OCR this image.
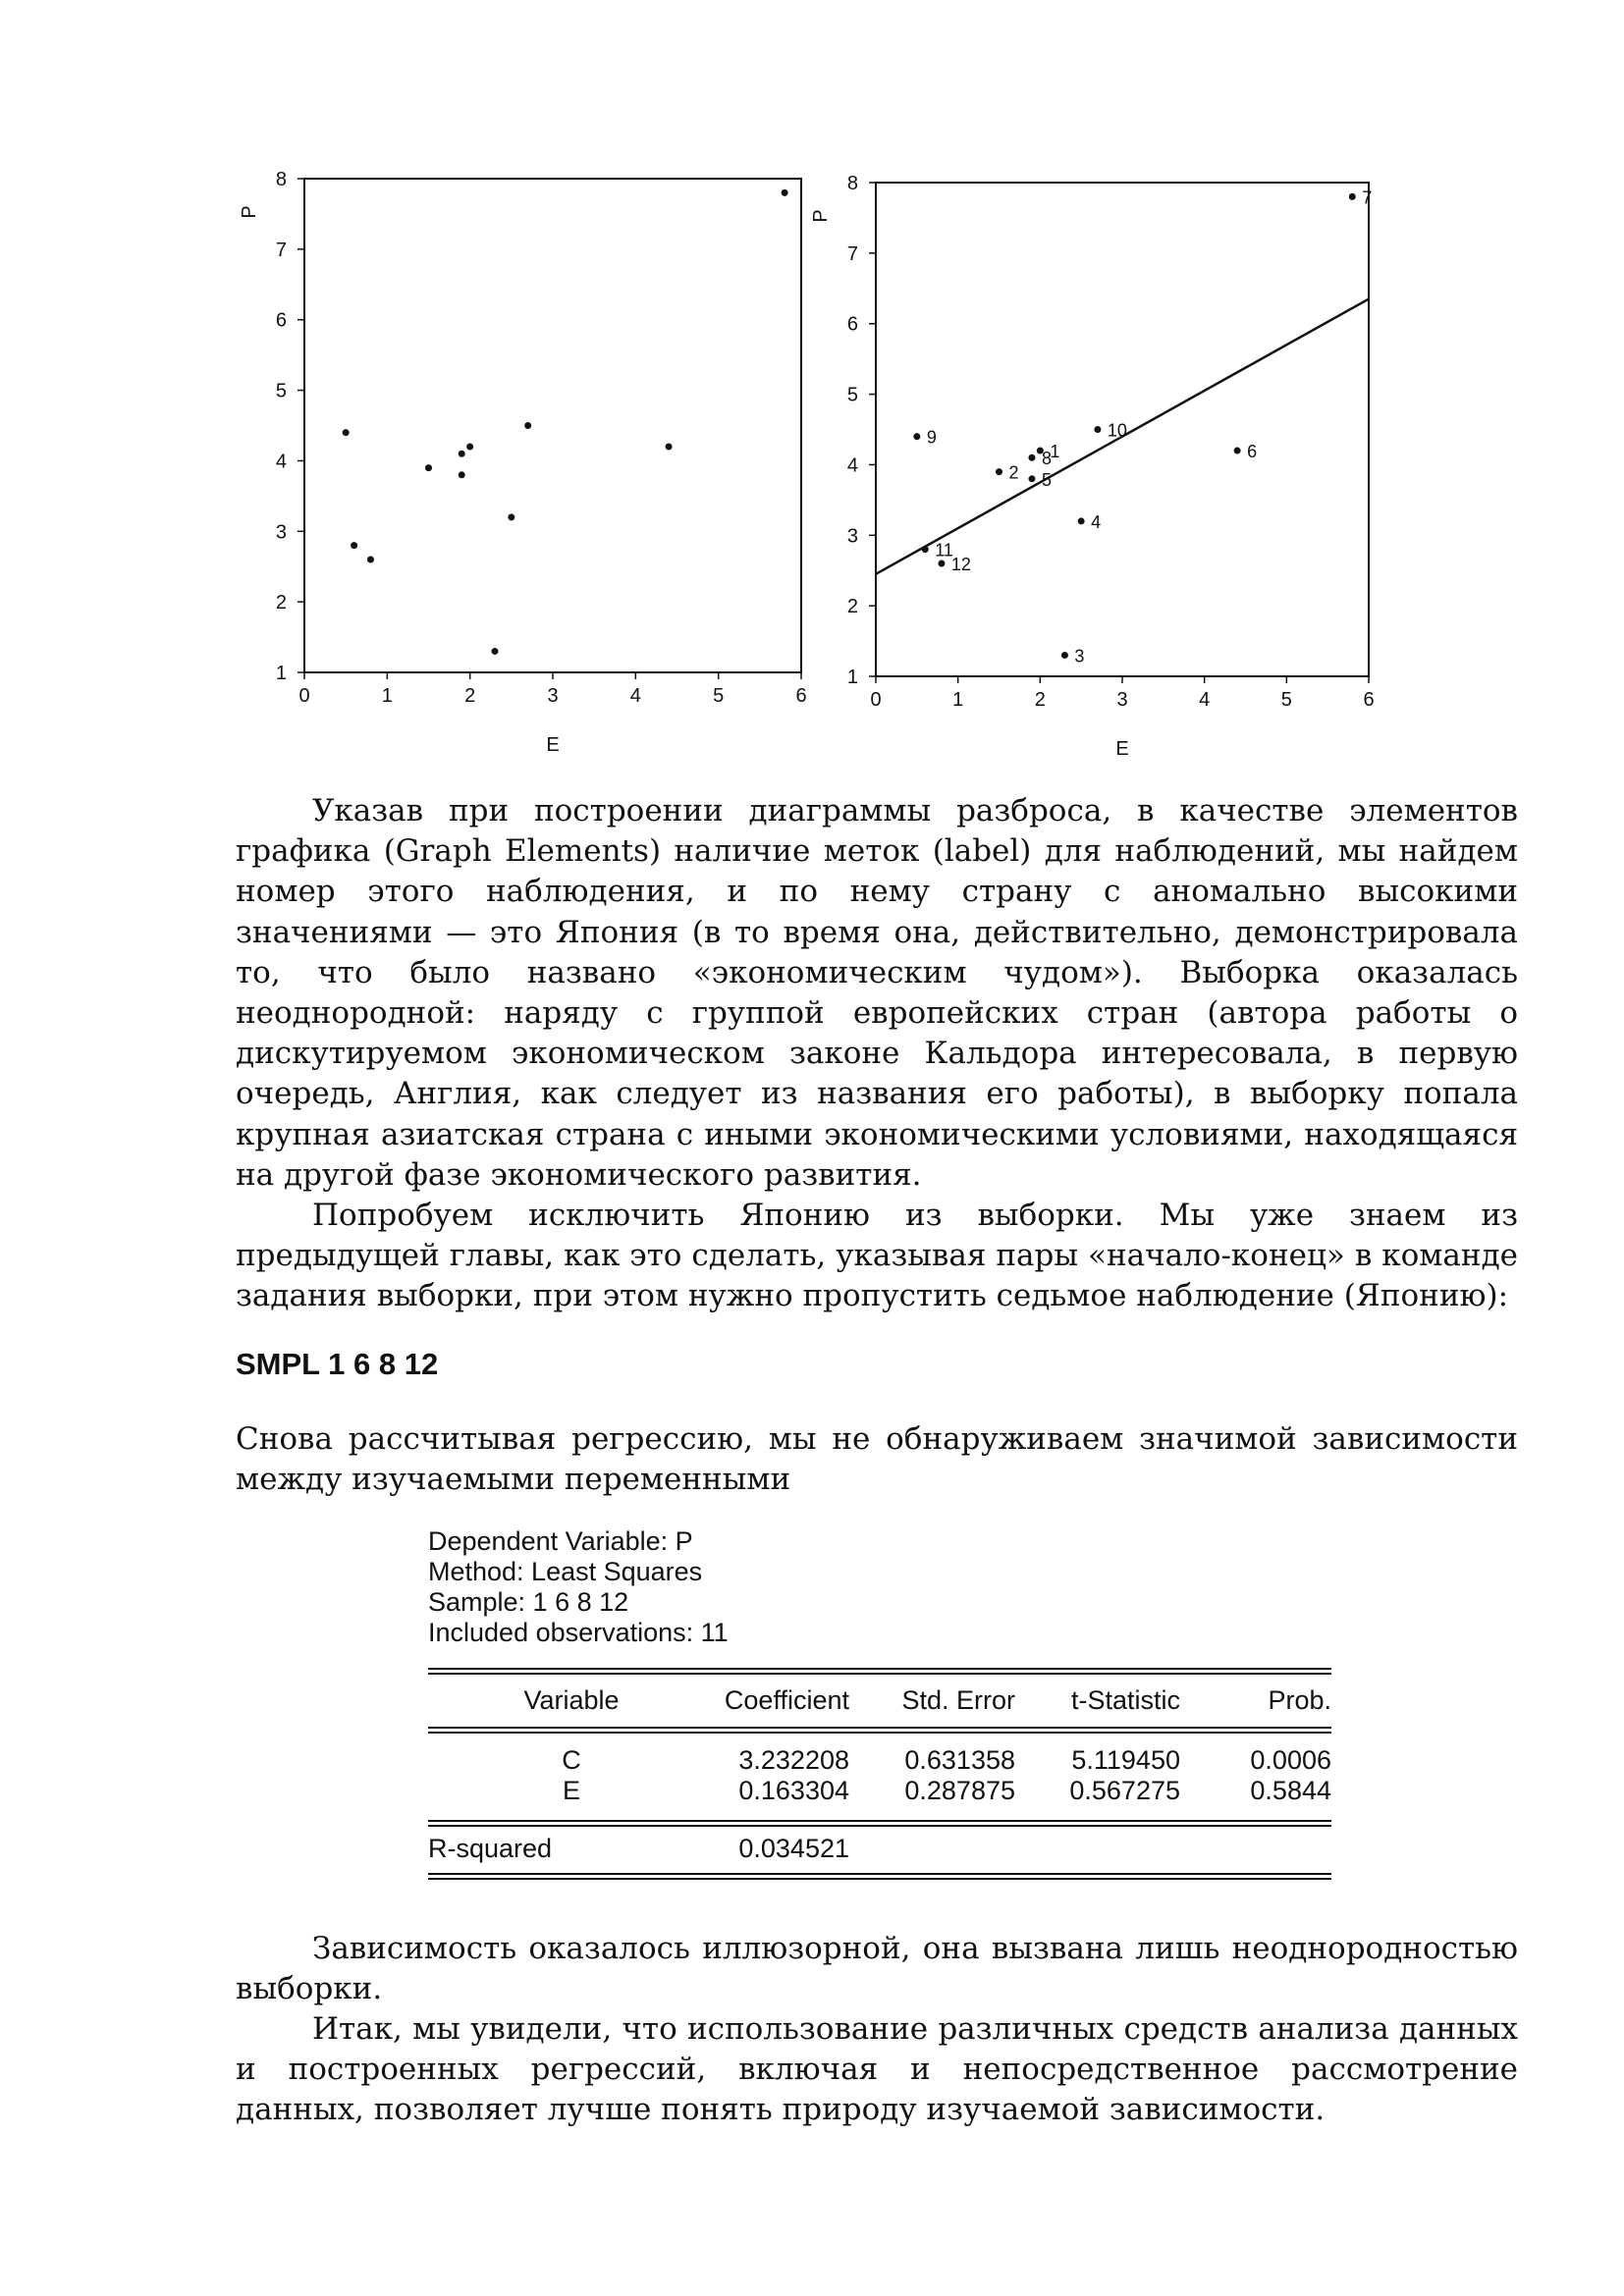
1
2
3
4
5
6
7
8
0	1	2	3	4	5	6
E
P
1
2
3
4
5
6
7
8
0	1	2	3	4	5	6
E
P
1
2
3
4
5
6
7
8
9	10
11
12

Указав при построении диаграммы разброса, в качестве элементов графика (Graph Elements) наличие меток (label) для наблюдений, мы найдем номер этого наблюдения, и по нему страну с аномально высокими значениями — это Япония (в то время она, действительно, демонстрировала то, что было названо «экономическим чудом»). Выборка оказалась неоднородной: наряду с группой европейских стран (автора работы о дискутируемом экономическом законе Кальдора интересовала, в первую очередь, Англия, как следует из названия его работы), в выборку попала крупная азиатская страна с иными экономическими условиями, находящаяся на другой фазе экономического развития.

Попробуем исключить Японию из выборки. Мы уже знаем из предыдущей главы, как это сделать, указывая пары «начало-конец» в команде задания выборки, при этом нужно пропустить седьмое наблюдение (Японию):

SMPL 1 6 8 12

Снова рассчитывая регрессию, мы не обнаруживаем значимой зависимости между изучаемыми переменными

Dependent Variable: P
Method: Least Squares
Sample: 1 6 8 12
Included observations: 11
Variable	Coefficient	Std. Error	t-Statistic	Prob.
C	3.232208	0.631358	5.119450	0.0006
E	0.163304	0.287875	0.567275	0.5844
R-squared	0.034521

Зависимость оказалось иллюзорной, она вызвана лишь неоднородностью выборки.

Итак, мы увидели, что использование различных средств анализа данных и построенных регрессий, включая и непосредственное рассмотрение данных, позволяет лучше понять природу изучаемой зависимости.
